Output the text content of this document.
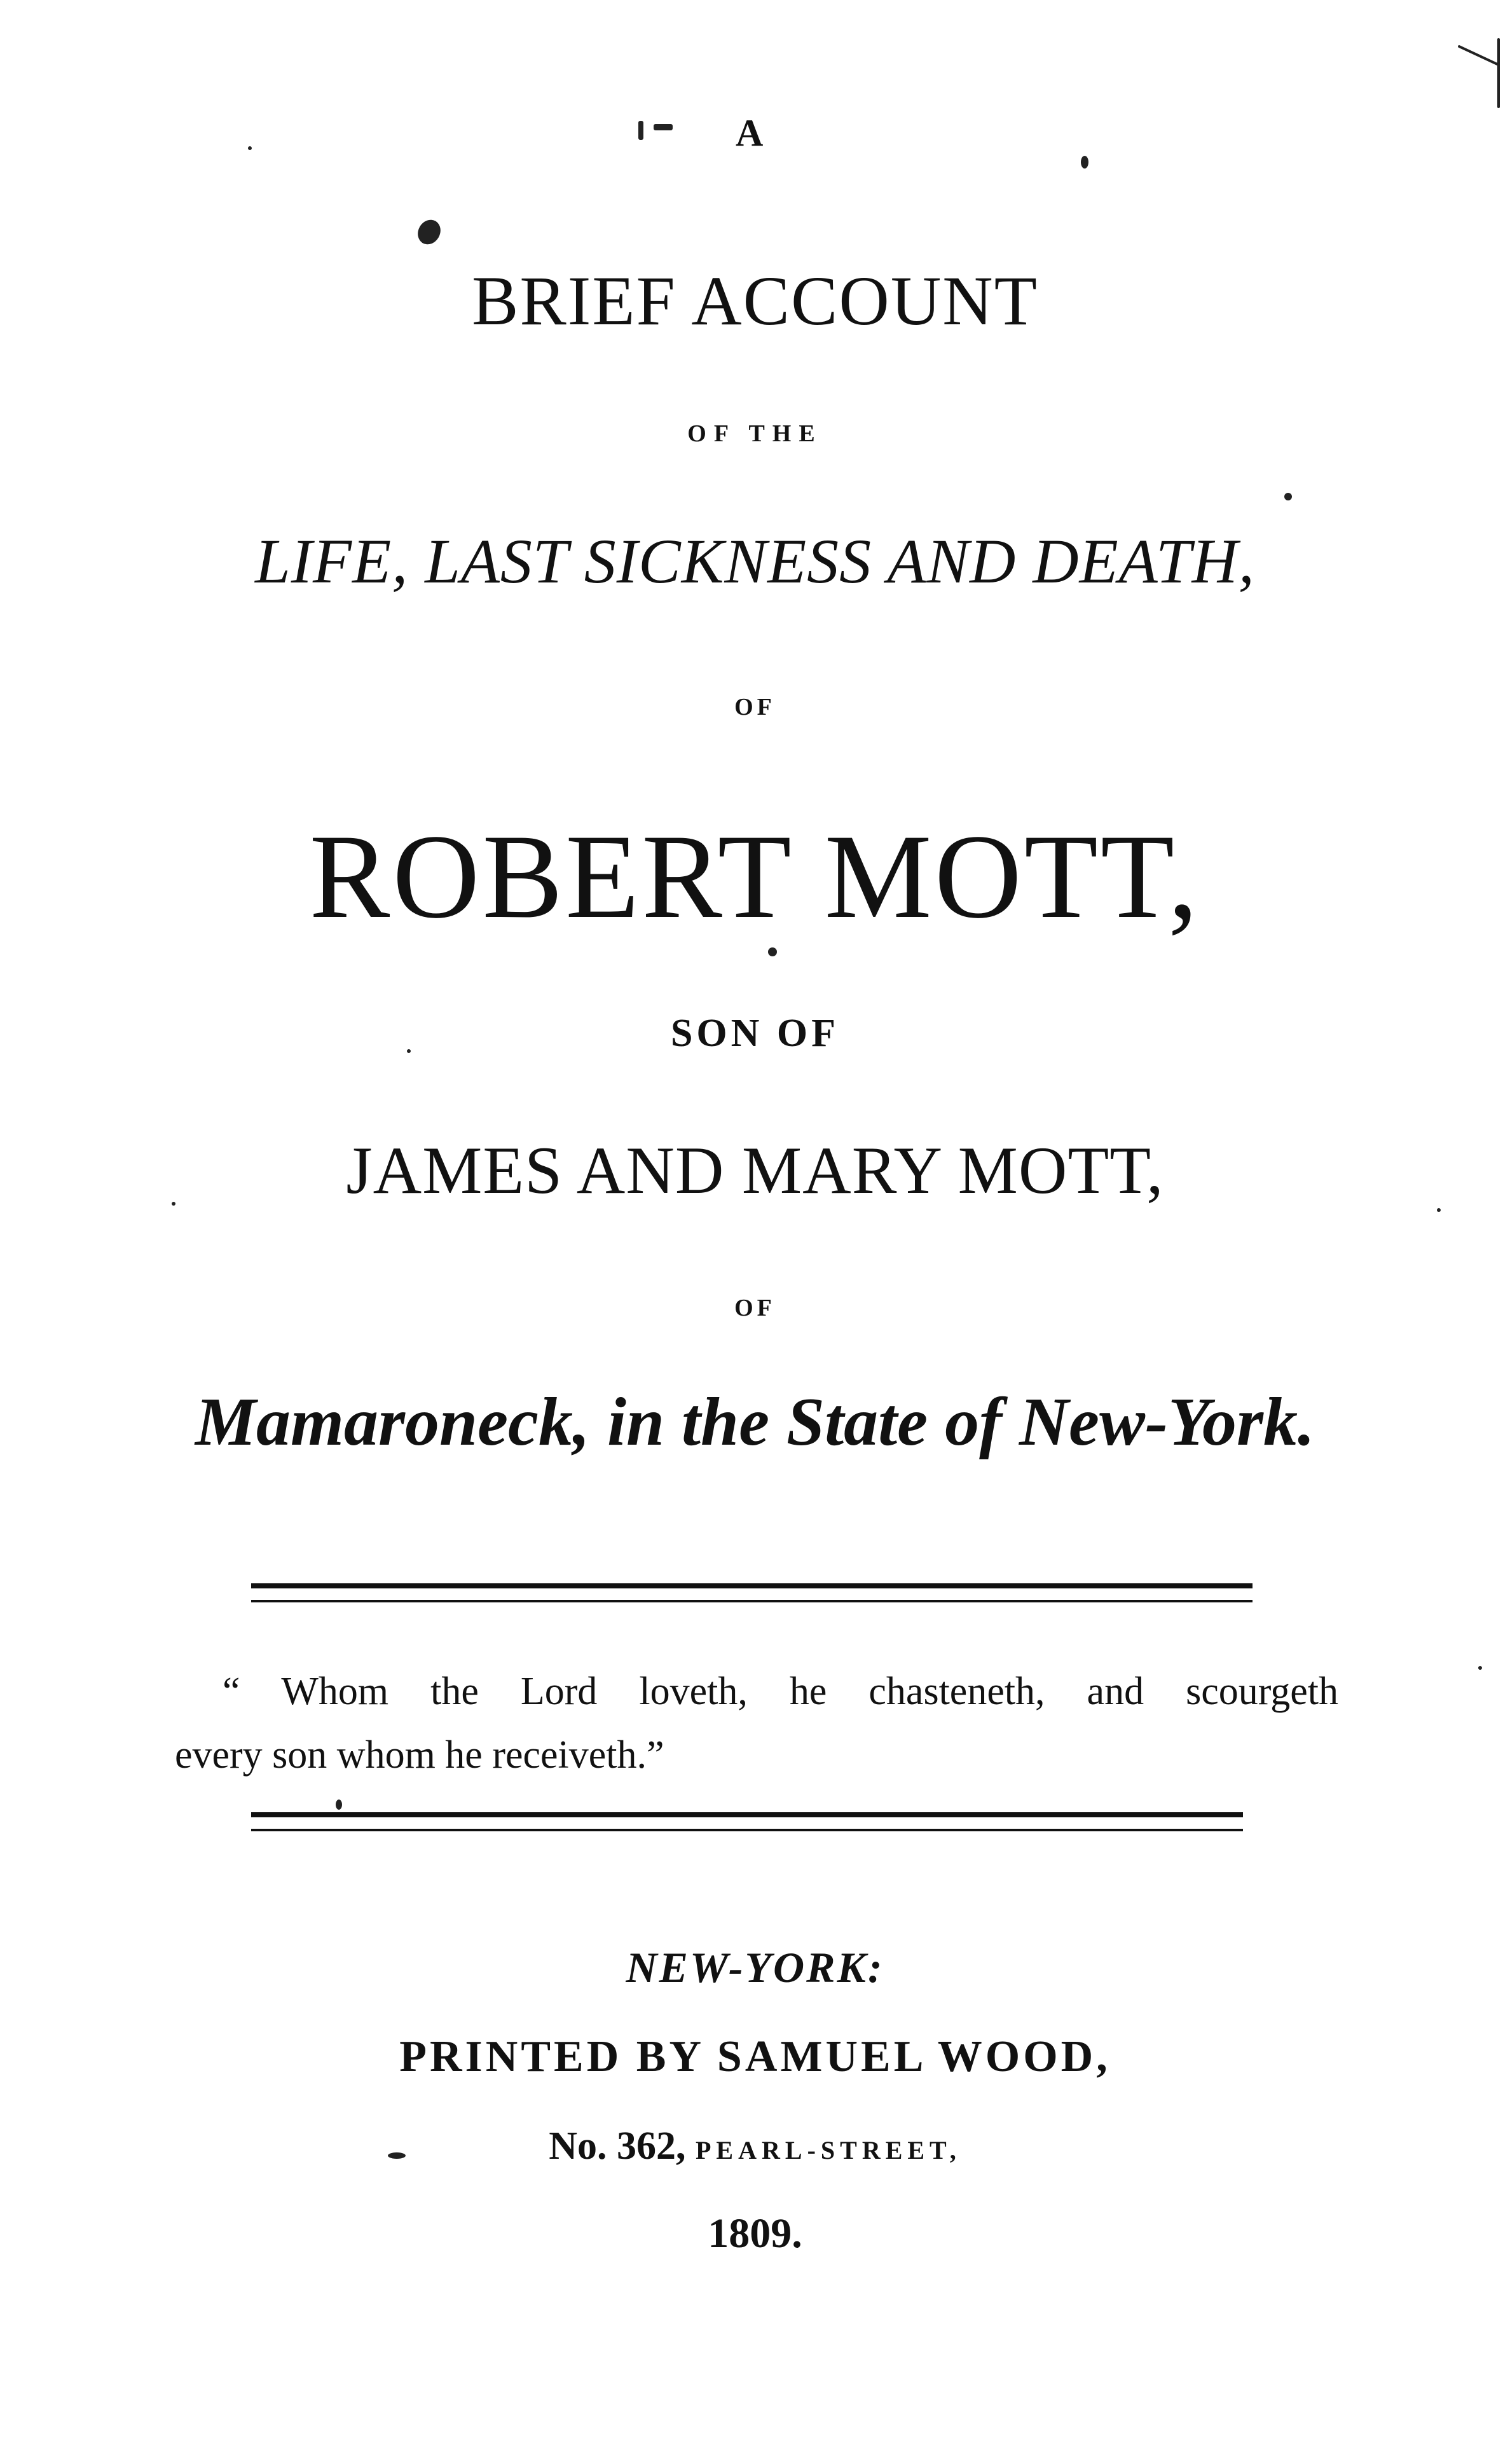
A
BRIEF ACCOUNT
OF THE
LIFE, LAST SICKNESS AND DEATH,
OF
ROBERT MOTT,
SON OF
JAMES AND MARY MOTT,
OF
Mamaroneck, in the State of New-York.
“ Whom the Lord loveth, he chasteneth, and scourgeth
every son whom he receiveth.”
NEW-YORK:
PRINTED BY SAMUEL WOOD,
No. 362, PEARL-STREET,
1809.
